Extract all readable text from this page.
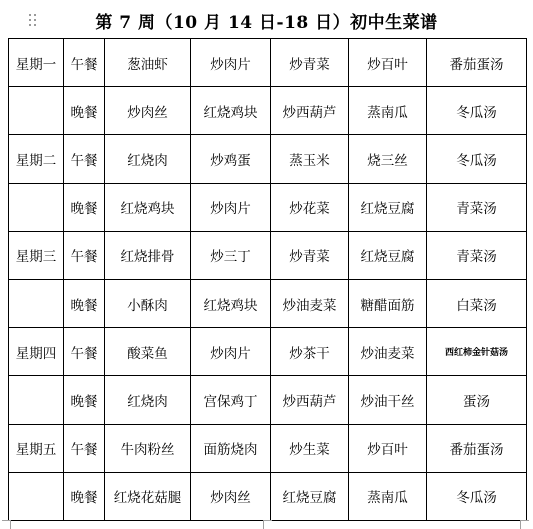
第 7 周（10 月 14 日-18 日）初中生菜谱
星期一	午餐	葱油虾	炒肉片	炒青菜	炒百叶	番茄蛋汤
	晚餐	炒肉丝	红烧鸡块	炒西葫芦	蒸南瓜	冬瓜汤
星期二	午餐	红烧肉	炒鸡蛋	蒸玉米	烧三丝	冬瓜汤
	晚餐	红烧鸡块	炒肉片	炒花菜	红烧豆腐	青菜汤
星期三	午餐	红烧排骨	炒三丁	炒青菜	红烧豆腐	青菜汤
	晚餐	小酥肉	红烧鸡块	炒油麦菜	糖醋面筋	白菜汤
星期四	午餐	酸菜鱼	炒肉片	炒茶干	炒油麦菜	西红柿金针菇汤
	晚餐	红烧肉	宫保鸡丁	炒西葫芦	炒油干丝	蛋汤
星期五	午餐	牛肉粉丝	面筋烧肉	炒生菜	炒百叶	番茄蛋汤
	晚餐	红烧花菇腿	炒肉丝	红烧豆腐	蒸南瓜	冬瓜汤
